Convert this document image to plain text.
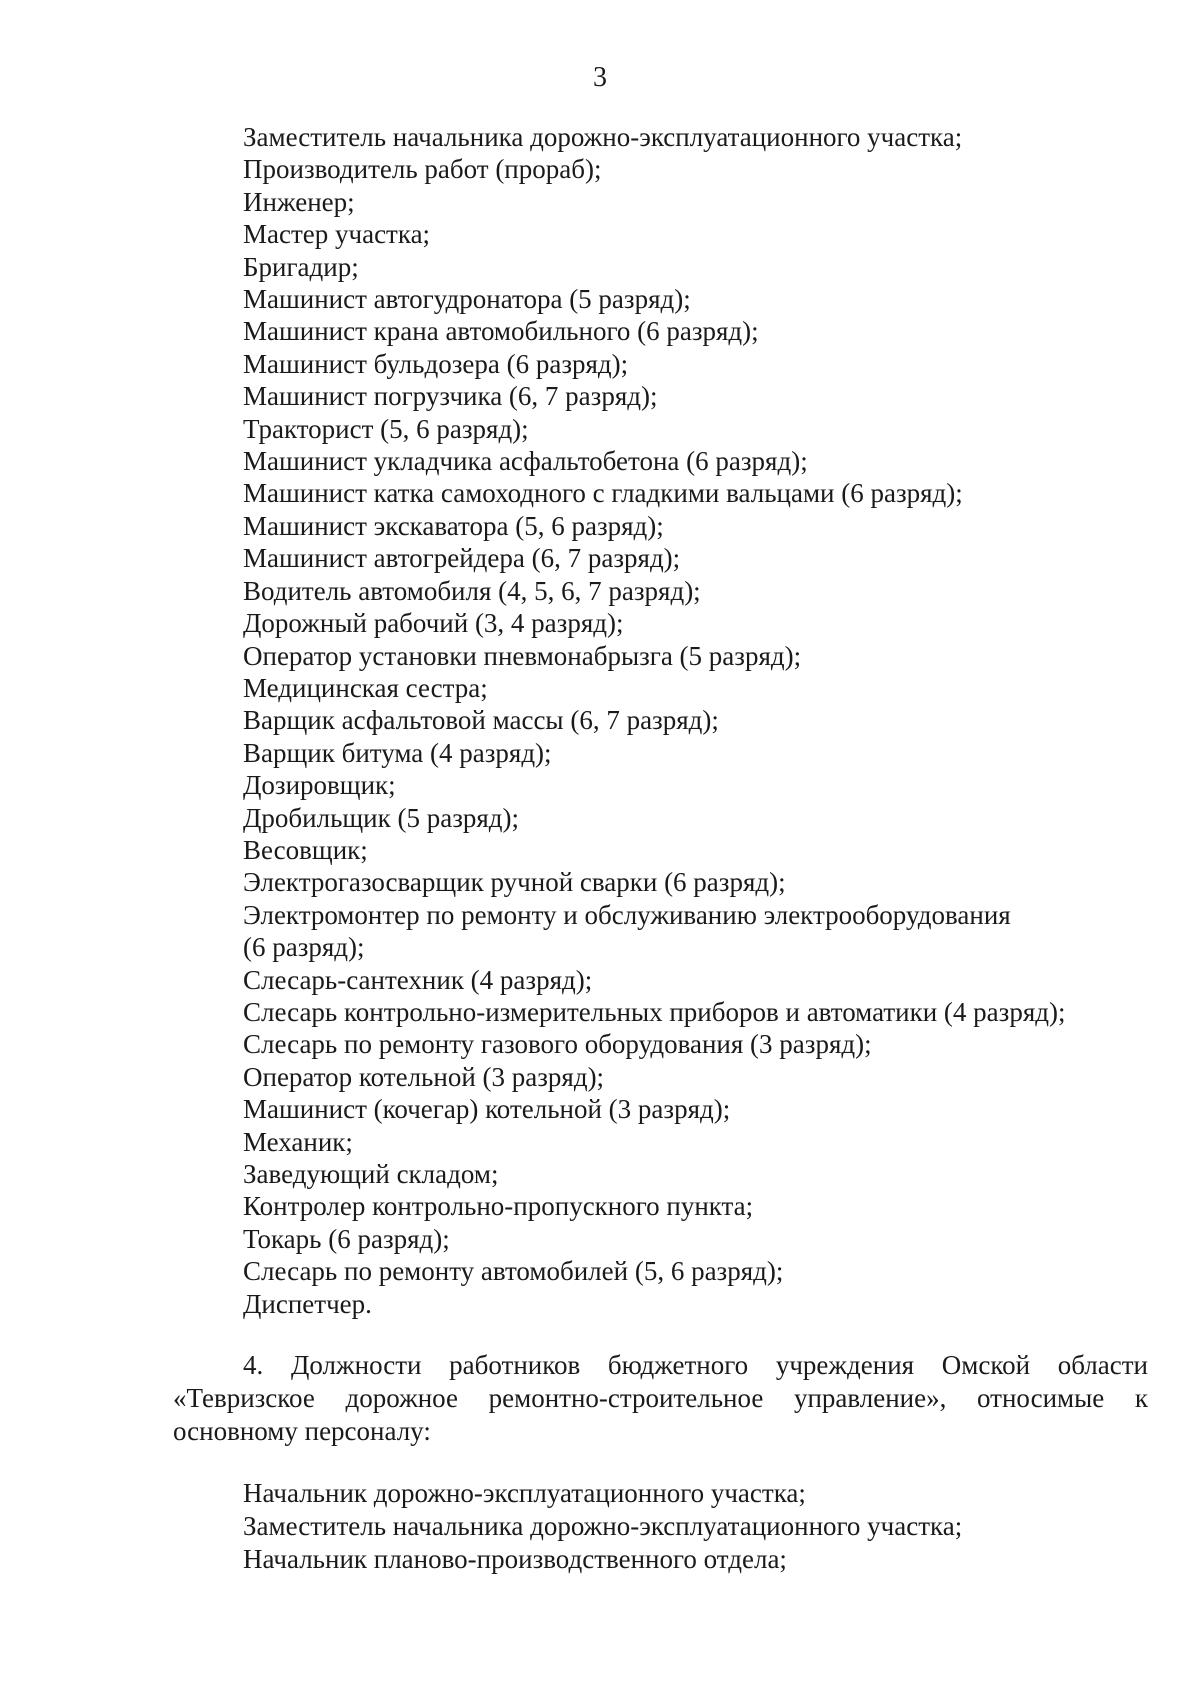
3
Заместитель начальника дорожно-эксплуатационного участка;
Производитель работ (прораб);
Инженер;
Мастер участка;
Бригадир;
Машинист автогудронатора (5 разряд);
Машинист крана автомобильного (6 разряд);
Машинист бульдозера (6 разряд);
Машинист погрузчика (6, 7 разряд);
Тракторист (5, 6 разряд);
Машинист укладчика асфальтобетона (6 разряд);
Машинист катка самоходного с гладкими вальцами (6 разряд);
Машинист экскаватора (5, 6 разряд);
Машинист автогрейдера (6, 7 разряд);
Водитель автомобиля (4, 5, 6, 7 разряд);
Дорожный рабочий (3, 4 разряд);
Оператор установки пневмонабрызга (5 разряд);
Медицинская сестра;
Варщик асфальтовой массы (6, 7 разряд);
Варщик битума (4 разряд);
Дозировщик;
Дробильщик (5 разряд);
Весовщик;
Электрогазосварщик ручной сварки (6 разряд);
Электромонтер по ремонту и обслуживанию электрооборудования
(6 разряд);
Слесарь-сантехник (4 разряд);
Слесарь контрольно-измерительных приборов и автоматики (4 разряд);
Слесарь по ремонту газового оборудования (3 разряд);
Оператор котельной (3 разряд);
Машинист (кочегар) котельной (3 разряд);
Механик;
Заведующий складом;
Контролер контрольно-пропускного пункта;
Токарь (6 разряд);
Слесарь по ремонту автомобилей (5, 6 разряд);
Диспетчер.

4. Должности работников бюджетного учреждения Омской области «Тевризское дорожное ремонтно-строительное управление», относимые к основному персоналу:

Начальник дорожно-эксплуатационного участка;
Заместитель начальника дорожно-эксплуатационного участка;
Начальник планово-производственного отдела;
